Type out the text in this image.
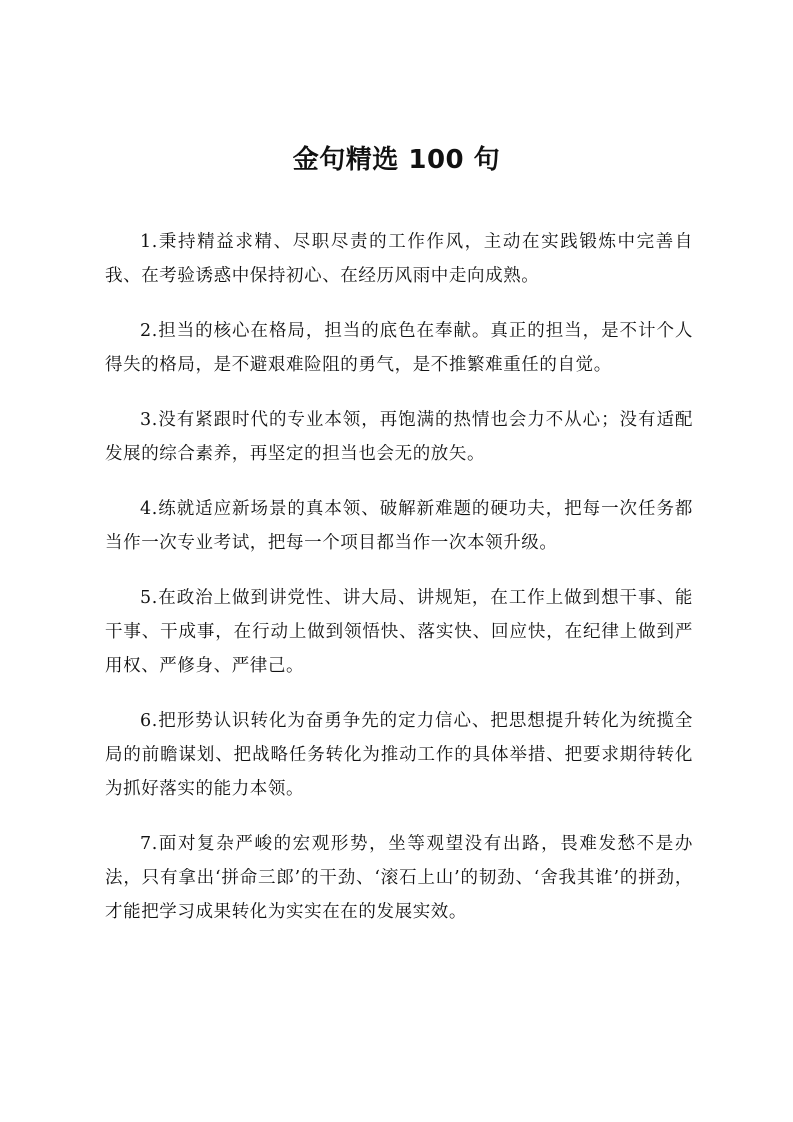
金句精选 100 句

1.秉持精益求精、尽职尽责的工作作风，主动在实践锻炼中完善自我、在考验诱惑中保持初心、在经历风雨中走向成熟。

2.担当的核心在格局，担当的底色在奉献。真正的担当，是不计个人得失的格局，是不避艰难险阻的勇气，是不推繁难重任的自觉。

3.没有紧跟时代的专业本领，再饱满的热情也会力不从心；没有适配发展的综合素养，再坚定的担当也会无的放矢。

4.练就适应新场景的真本领、破解新难题的硬功夫，把每一次任务都当作一次专业考试，把每一个项目都当作一次本领升级。

5.在政治上做到讲党性、讲大局、讲规矩，在工作上做到想干事、能干事、干成事，在行动上做到领悟快、落实快、回应快，在纪律上做到严用权、严修身、严律己。

6.把形势认识转化为奋勇争先的定力信心、把思想提升转化为统揽全局的前瞻谋划、把战略任务转化为推动工作的具体举措、把要求期待转化为抓好落实的能力本领。

7.面对复杂严峻的宏观形势，坐等观望没有出路，畏难发愁不是办法，只有拿出‘拼命三郎’的干劲、‘滚石上山’的韧劲、‘舍我其谁’的拼劲，才能把学习成果转化为实实在在的发展实效。
